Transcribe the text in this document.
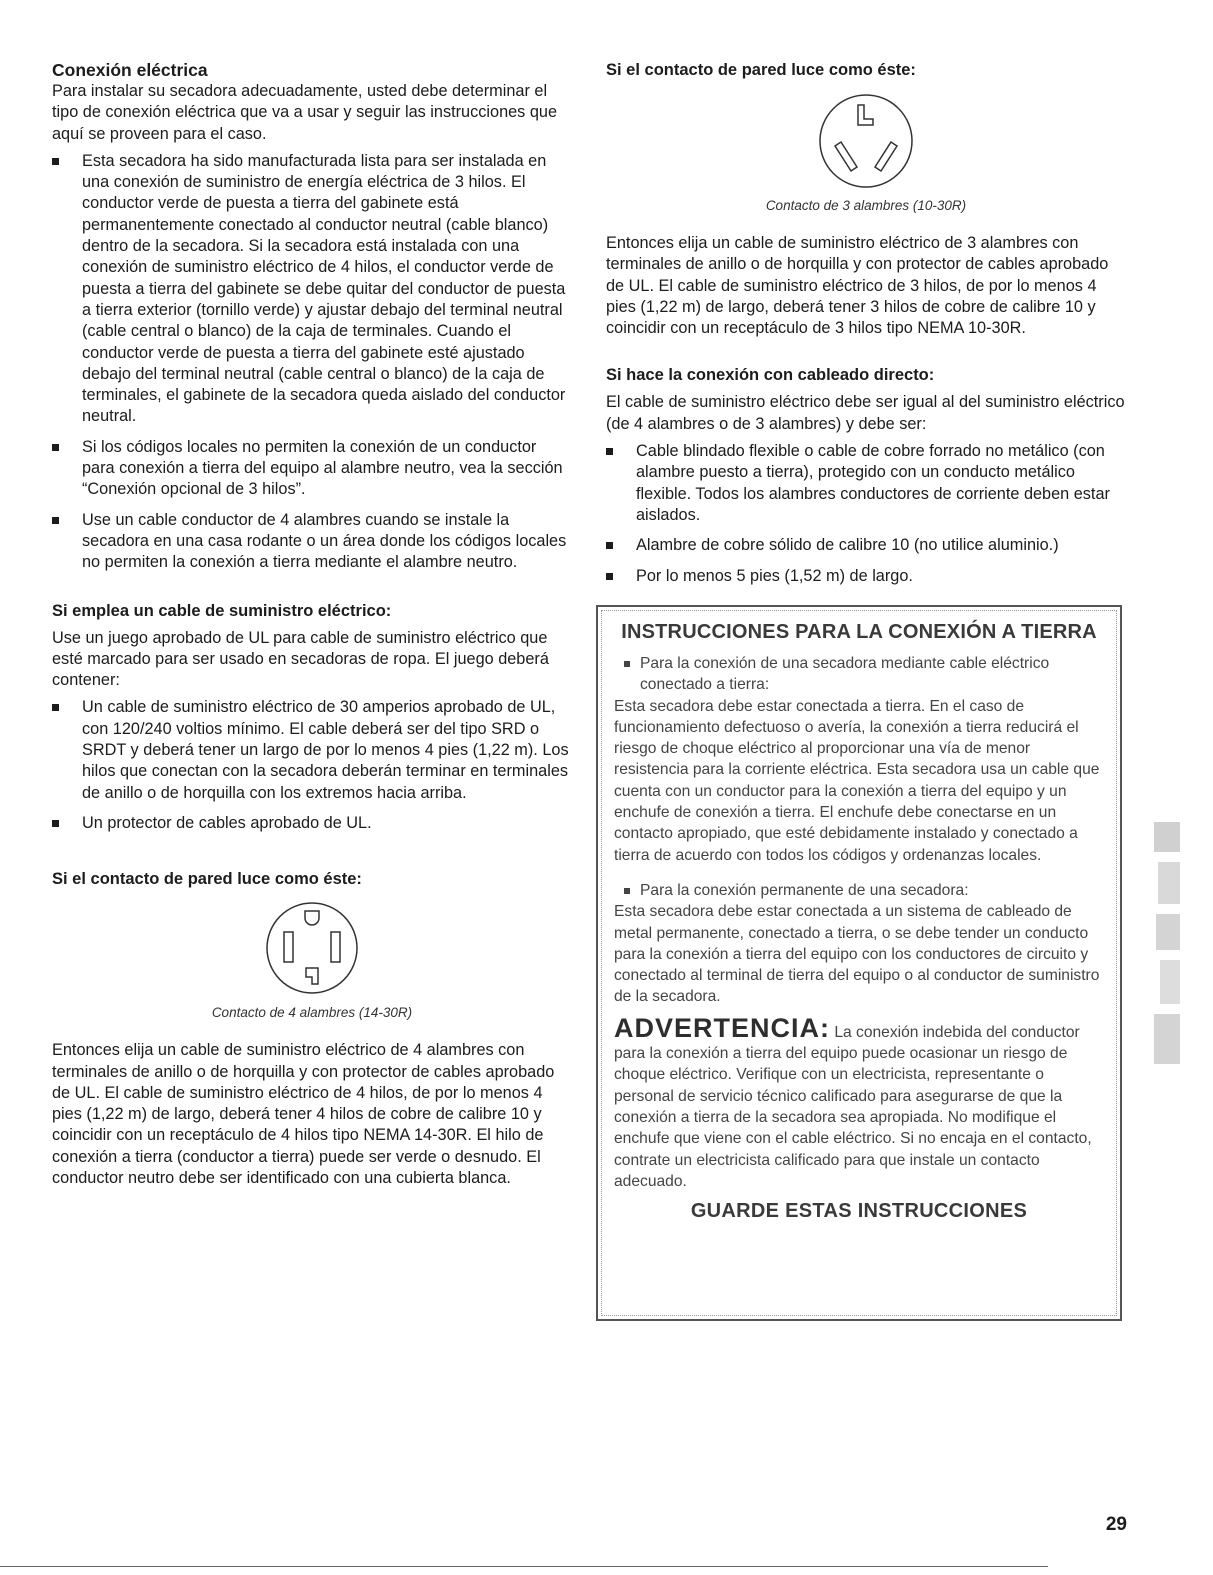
Conexión eléctrica

Para instalar su secadora adecuadamente, usted debe determinar el tipo de conexión eléctrica que va a usar y seguir las instrucciones que aquí se proveen para el caso.

Esta secadora ha sido manufacturada lista para ser instalada en una conexión de suministro de energía eléctrica de 3 hilos. El conductor verde de puesta a tierra del gabinete está permanentemente conectado al conductor neutral (cable blanco) dentro de la secadora. Si la secadora está instalada con una conexión de suministro eléctrico de 4 hilos, el conductor verde de puesta a tierra del gabinete se debe quitar del conductor de puesta a tierra exterior (tornillo verde) y ajustar debajo del terminal neutral (cable central o blanco) de la caja de terminales. Cuando el conductor verde de puesta a tierra del gabinete esté ajustado debajo del terminal neutral (cable central o blanco) de la caja de terminales, el gabinete de la secadora queda aislado del conductor neutral.
Si los códigos locales no permiten la conexión de un conductor para conexión a tierra del equipo al alambre neutro, vea la sección “Conexión opcional de 3 hilos”.
Use un cable conductor de 4 alambres cuando se instale la secadora en una casa rodante o un área donde los códigos locales no permiten la conexión a tierra mediante el alambre neutro.

Si emplea un cable de suministro eléctrico:

Use un juego aprobado de UL para cable de suministro eléctrico que esté marcado para ser usado en secadoras de ropa. El juego deberá contener:

Un cable de suministro eléctrico de 30 amperios aprobado de UL, con 120/240 voltios mínimo. El cable deberá ser del tipo SRD o SRDT y deberá tener un largo de por lo menos 4 pies (1,22 m). Los hilos que conectan con la secadora deberán terminar en terminales de anillo o de horquilla con los extremos hacia arriba.
Un protector de cables aprobado de UL.

Si el contacto de pared luce como éste:

Contacto de 4 alambres (14-30R)

Entonces elija un cable de suministro eléctrico de 4 alambres con terminales de anillo o de horquilla y con protector de cables aprobado de UL. El cable de suministro eléctrico de 4 hilos, de por lo menos 4 pies (1,22 m) de largo, deberá tener 4 hilos de cobre de calibre 10 y coincidir con un receptáculo de 4 hilos tipo NEMA 14-30R. El hilo de conexión a tierra (conductor a tierra) puede ser verde o desnudo. El conductor neutro debe ser identificado con una cubierta blanca.

Si el contacto de pared luce como éste:

Contacto de 3 alambres (10-30R)

Entonces elija un cable de suministro eléctrico de 3 alambres con terminales de anillo o de horquilla y con protector de cables aprobado de UL. El cable de suministro eléctrico de 3 hilos, de por lo menos 4 pies (1,22 m) de largo, deberá tener 3 hilos de cobre de calibre 10 y coincidir con un receptáculo de 3 hilos tipo NEMA 10-30R.

Si hace la conexión con cableado directo:

El cable de suministro eléctrico debe ser igual al del suministro eléctrico (de 4 alambres o de 3 alambres) y debe ser:

Cable blindado flexible o cable de cobre forrado no metálico (con alambre puesto a tierra), protegido con un conducto metálico flexible. Todos los alambres conductores de corriente deben estar aislados.
Alambre de cobre sólido de calibre 10 (no utilice aluminio.)
Por lo menos 5 pies (1,52 m) de largo.

INSTRUCCIONES PARA LA CONEXIÓN A TIERRA

Para la conexión de una secadora mediante cable eléctrico conectado a tierra:

Esta secadora debe estar conectada a tierra. En el caso de funcionamiento defectuoso o avería, la conexión a tierra reducirá el riesgo de choque eléctrico al proporcionar una vía de menor resistencia para la corriente eléctrica. Esta secadora usa un cable que cuenta con un conductor para la conexión a tierra del equipo y un enchufe de conexión a tierra. El enchufe debe conectarse en un contacto apropiado, que esté debidamente instalado y conectado a tierra de acuerdo con todos los códigos y ordenanzas locales.

Para la conexión permanente de una secadora:

Esta secadora debe estar conectada a un sistema de cableado de metal permanente, conectado a tierra, o se debe tender un conducto para la conexión a tierra del equipo con los conductores de circuito y conectado al terminal de tierra del equipo o al conductor de suministro de la secadora.

ADVERTENCIA: La conexión indebida del conductor para la conexión a tierra del equipo puede ocasionar un riesgo de choque eléctrico. Verifique con un electricista, representante o personal de servicio técnico calificado para asegurarse de que la conexión a tierra de la secadora sea apropiada. No modifique el enchufe que viene con el cable eléctrico. Si no encaja en el contacto, contrate un electricista calificado para que instale un contacto adecuado.

GUARDE ESTAS INSTRUCCIONES

29
